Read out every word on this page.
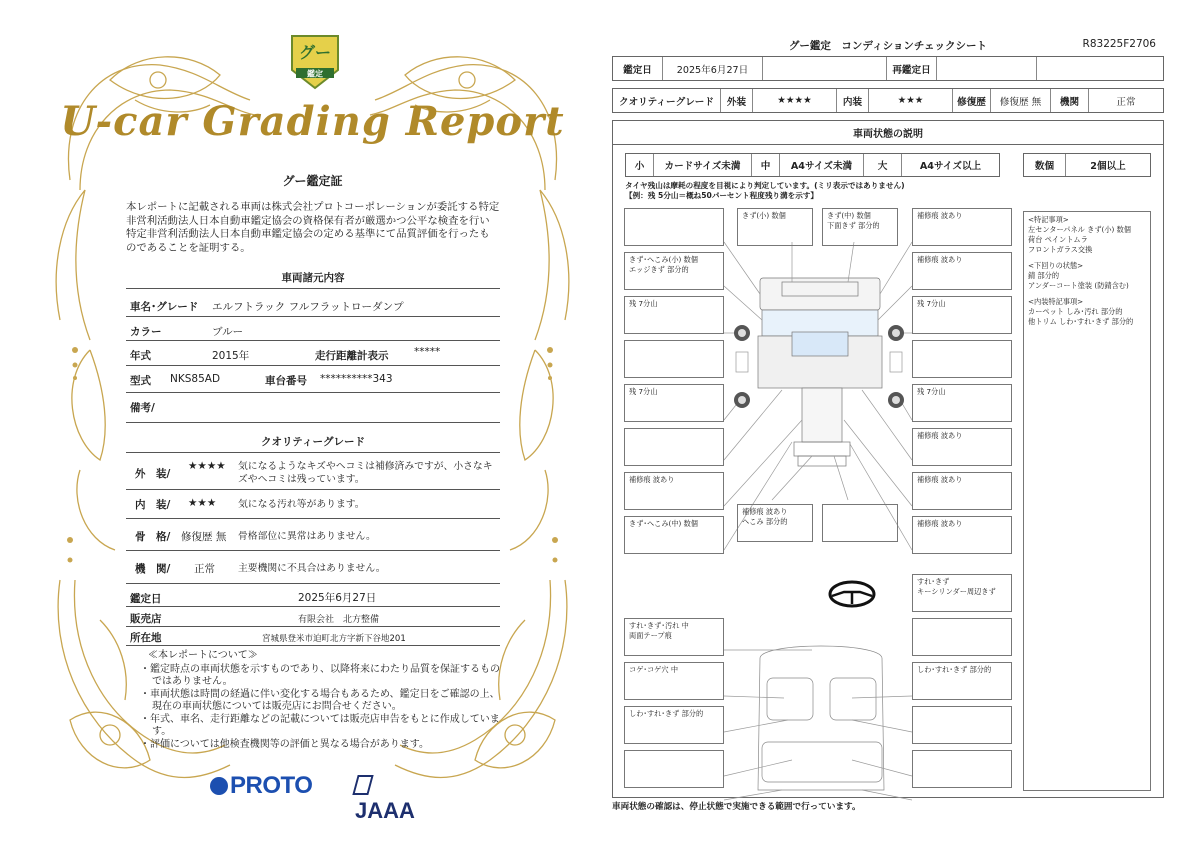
グー
鑑定
U-car Grading Report
グー鑑定証
本レポートに記載される車両は株式会社プロトコーポレーションが委託する特定非営利活動法人日本自動車鑑定協会の資格保有者が厳選かつ公平な検査を行い特定非営利活動法人日本自動車鑑定協会の定める基準にて品質評価を行ったものであることを証明する。
車両諸元内容
車名･グレード エルフトラック フルフラットローダンプ
カラー	ブルー
年式	2015年	走行距離計表示 *****
型式 NKS85AD	車台番号 **********343
備考/
クオリティーグレード
外　装/
★★★★ 気になるようなキズやヘコミは補修済みですが、小さなキズやヘコミは残っています。
内　装/ ★★★ 気になる汚れ等があります。
骨　格/ 修復歴 無 骨格部位に異常はありません。
機　関/ 正常 主要機関に不具合はありません。
鑑定日	2025年6月27日
販売店	有限会社　北方整備
所在地	宮城県登米市迫町北方字新下谷地201
≪本レポートについて≫
・鑑定時点の車両状態を示すものであり、以降将来にわたり品質を保証するものではありません。
・車両状態は時間の経過に伴い変化する場合もあるため、鑑定日をご確認の上、現在の車両状態については販売店にお問合せください。
・年式、車名、走行距離などの記載については販売店申告をもとに作成しています。
・評価については他検査機関等の評価と異なる場合があります。
PROTO
JAAA
グー鑑定　コンディションチェックシート	R83225F2706
鑑定日	2025年6月27日	再鑑定日
クオリティーグレード	外装	★★★★	内装	★★★	修復歴	修復歴 無	機関	正常
車両状態の説明
小	カードサイズ未満	中	A4サイズ未満	大	A4サイズ以上	数個	2個以上
タイヤ残山は摩耗の程度を目視により判定しています。(ミリ表示ではありません)
【例：残 5分山＝概ね50パーセント程度残り溝を示す】
<特記事項>
左センターパネル きず(小) 数個
荷台 ペイントムラ
フロントガラス交換
<下回りの状態>
錆 部分的
アンダーコート塗装 (防錆含む)
<内装特記事項>
カーペット しみ･汚れ 部分的
他トリム しわ･すれ･きず 部分的
きず(小) 数個	きず(中) 数個
下面きず 部分的
補修痕 波あり
きず･へこみ(小) 数個
エッジきず 部分的
補修痕 波あり
残 7分山	残 7分山
残 7分山	残 7分山
補修痕 波あり
補修痕 波あり	補修痕 波あり
きず･へこみ(中) 数個
補修痕 波あり
へこみ 部分的	補修痕 波あり
すれ･きず
キーシリンダー周辺きず
すれ･きず･汚れ 中
両面テープ痕
コゲ･コゲ穴 中	しわ･すれ･きず 部分的
しわ･すれ･きず 部分的
車両状態の確認は、停止状態で実施できる範囲で行っています。
